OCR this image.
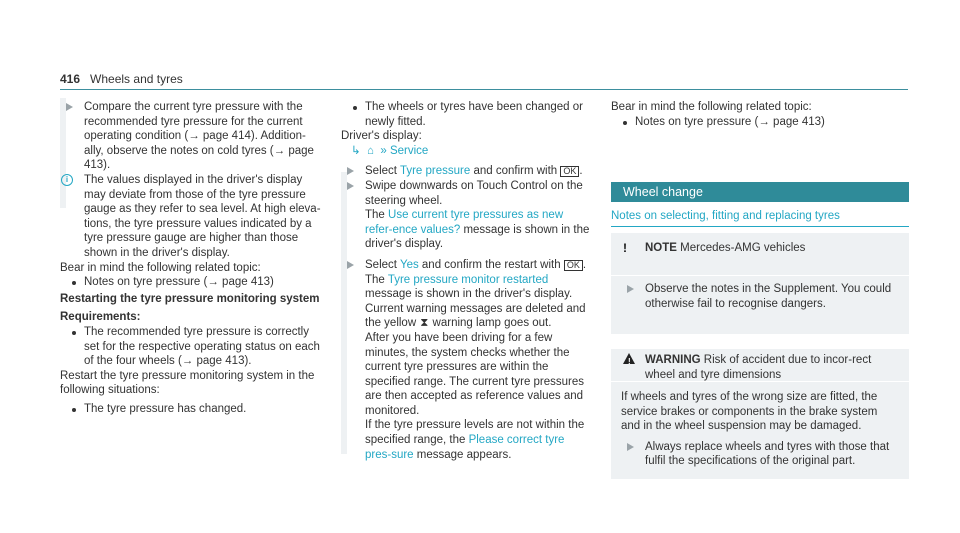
416 Wheels and tyres

Compare the current tyre pressure with the recommended tyre pressure for the current operating condition (→ page 414). Addition-ally, observe the notes on cold tyres (→ page 413).

i	The values displayed in the driver's display may deviate from those of the tyre pressure gauge as they refer to sea level. At high eleva-tions, the tyre pressure values indicated by a tyre pressure gauge are higher than those shown in the driver's display.

Bear in mind the following related topic:

Notes on tyre pressure (→ page 413)

Restarting the tyre pressure monitoring system

Requirements:

The recommended tyre pressure is correctly set for the respective operating status on each of the four wheels (→ page 413).

Restart the tyre pressure monitoring system in the following situations:

The tyre pressure has changed.

The wheels or tyres have been changed or newly fitted.

Driver's display:

↳ ⌂ » Service

Select Tyre pressure and confirm with OK .

Swipe downwards on Touch Control on the steering wheel.
The Use current tyre pressures as new refer-ence values? message is shown in the driver's display.

Select Yes and confirm the restart with OK .
The Tyre pressure monitor restarted message is shown in the driver's display.

Current warning messages are deleted and the yellow ⧗ warning lamp goes out.

After you have been driving for a few minutes, the system checks whether the current tyre pressures are within the specified range. The current tyre pressures are then accepted as reference values and monitored.

If the tyre pressure levels are not within the specified range, the Please correct tyre pres-sure message appears.

Bear in mind the following related topic:

Notes on tyre pressure (→ page 413)

Wheel change
Notes on selecting, fitting and replacing tyres
! NOTE Mercedes-AMG vehicles

Observe the notes in the Supplement. You could otherwise fail to recognise dangers.

!
WARNING Risk of accident due to incor-rect wheel and tyre dimensions

If wheels and tyres of the wrong size are fitted, the service brakes or components in the brake system and in the wheel suspension may be damaged.

Always replace wheels and tyres with those that fulfil the specifications of the original part.
